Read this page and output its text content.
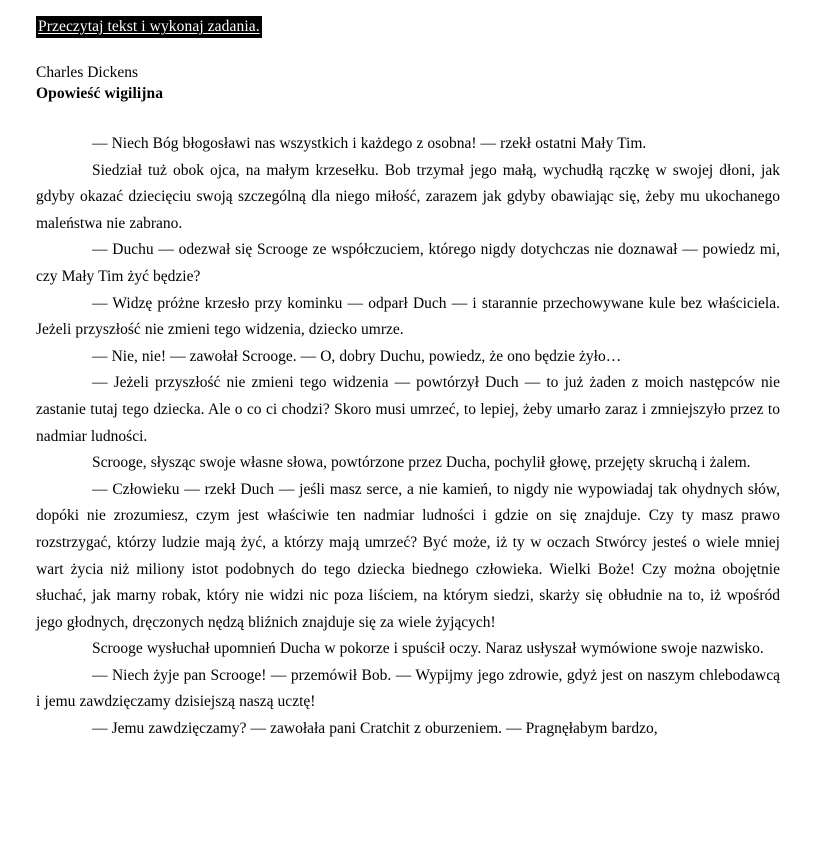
Przeczytaj tekst i wykonaj zadania.
Charles Dickens
Opowieść wigilijna

— Niech Bóg błogosławi nas wszystkich i każdego z osobna! — rzekł ostatni Mały Tim.

Siedział tuż obok ojca, na małym krzesełku. Bob trzymał jego małą, wychudłą rączkę w swojej dłoni, jak gdyby okazać dziecięciu swoją szczególną dla niego miłość, zarazem jak gdyby obawiając się, żeby mu ukochanego maleństwa nie zabrano.

— Duchu — odezwał się Scrooge ze współczuciem, którego nigdy dotychczas nie doznawał — powiedz mi, czy Mały Tim żyć będzie?

— Widzę próżne krzesło przy kominku — odparł Duch — i starannie przechowywane kule bez właściciela. Jeżeli przyszłość nie zmieni tego widzenia, dziecko umrze.

— Nie, nie! — zawołał Scrooge. — O, dobry Duchu, powiedz, że ono będzie żyło…

— Jeżeli przyszłość nie zmieni tego widzenia — powtórzył Duch — to już żaden z moich następców nie zastanie tutaj tego dziecka. Ale o co ci chodzi? Skoro musi umrzeć, to lepiej, żeby umarło zaraz i zmniejszyło przez to nadmiar ludności.

Scrooge, słysząc swoje własne słowa, powtórzone przez Ducha, pochylił głowę, przejęty skruchą i żalem.

— Człowieku — rzekł Duch — jeśli masz serce, a nie kamień, to nigdy nie wypowiadaj tak ohydnych słów, dopóki nie zrozumiesz, czym jest właściwie ten nadmiar ludności i gdzie on się znajduje. Czy ty masz prawo rozstrzygać, którzy ludzie mają żyć, a którzy mają umrzeć? Być może, iż ty w oczach Stwórcy jesteś o wiele mniej wart życia niż miliony istot podobnych do tego dziecka biednego człowieka. Wielki Boże! Czy można obojętnie słuchać, jak marny robak, który nie widzi nic poza liściem, na którym siedzi, skarży się obłudnie na to, iż wpośród jego głodnych, dręczonych nędzą bliźnich znajduje się za wiele żyjących!

Scrooge wysłuchał upomnień Ducha w pokorze i spuścił oczy. Naraz usłyszał wymówione swoje nazwisko.

— Niech żyje pan Scrooge! — przemówił Bob. — Wypijmy jego zdrowie, gdyż jest on naszym chlebodawcą i jemu zawdzięczamy dzisiejszą naszą ucztę!

— Jemu zawdzięczamy? — zawołała pani Cratchit z oburzeniem. — Pragnęłabym bardzo,
